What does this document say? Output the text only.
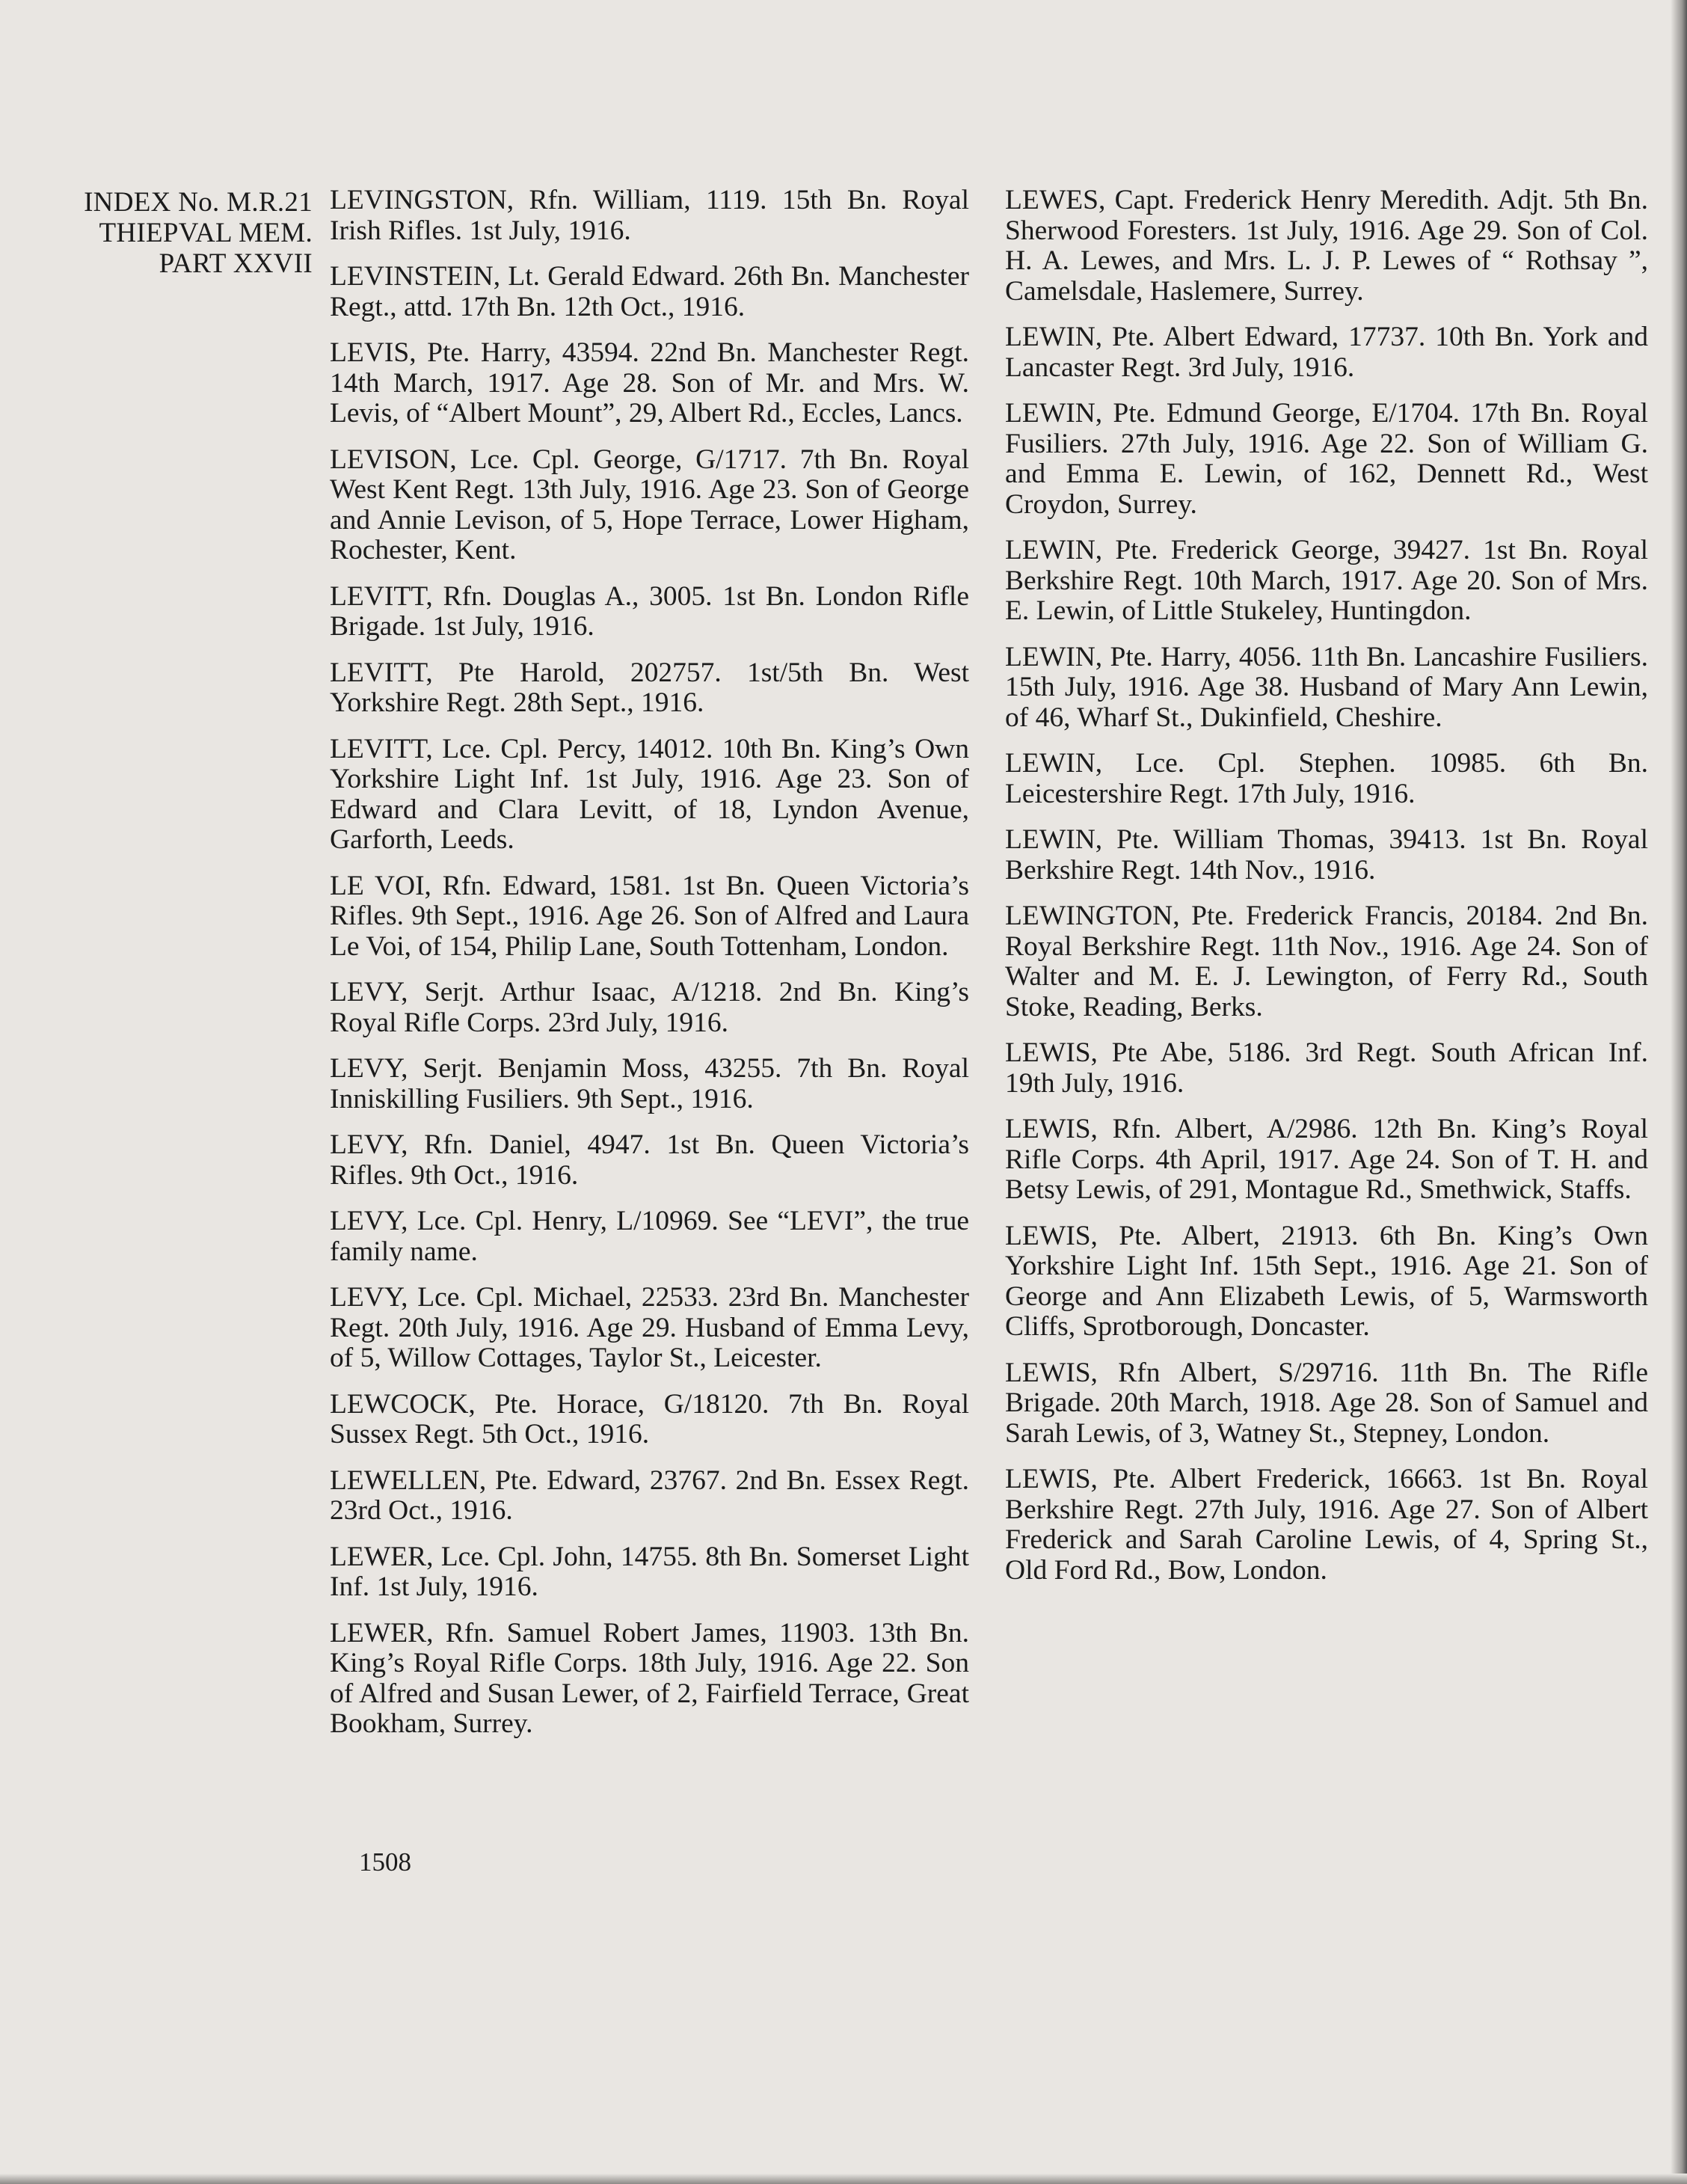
INDEX No. M.R.21
THIEPVAL MEM.
PART XXVII
LEVINGSTON, Rfn. William, 1119. 15th Bn. Royal Irish Rifles. 1st July, 1916.
LEVINSTEIN, Lt. Gerald Edward. 26th Bn. Manchester Regt., attd. 17th Bn. 12th Oct., 1916.
LEVIS, Pte. Harry, 43594. 22nd Bn. Manchester Regt. 14th March, 1917. Age 28. Son of Mr. and Mrs. W. Levis, of “Albert Mount”, 29, Albert Rd., Eccles, Lancs.
LEVISON, Lce. Cpl. George, G/1717. 7th Bn. Royal West Kent Regt. 13th July, 1916. Age 23. Son of George and Annie Levison, of 5, Hope Terrace, Lower Higham, Rochester, Kent.
LEVITT, Rfn. Douglas A., 3005. 1st Bn. London Rifle Brigade. 1st July, 1916.
LEVITT, Pte Harold, 202757. 1st/5th Bn. West Yorkshire Regt. 28th Sept., 1916.
LEVITT, Lce. Cpl. Percy, 14012. 10th Bn. King’s Own Yorkshire Light Inf. 1st July, 1916. Age 23. Son of Edward and Clara Levitt, of 18, Lyndon Avenue, Garforth, Leeds.
LE VOI, Rfn. Edward, 1581. 1st Bn. Queen Victoria’s Rifles. 9th Sept., 1916. Age 26. Son of Alfred and Laura Le Voi, of 154, Philip Lane, South Tottenham, London.
LEVY, Serjt. Arthur Isaac, A/1218. 2nd Bn. King’s Royal Rifle Corps. 23rd July, 1916.
LEVY, Serjt. Benjamin Moss, 43255. 7th Bn. Royal Inniskilling Fusiliers. 9th Sept., 1916.
LEVY, Rfn. Daniel, 4947. 1st Bn. Queen Victoria’s Rifles. 9th Oct., 1916.
LEVY, Lce. Cpl. Henry, L/10969. See “LEVI”, the true family name.
LEVY, Lce. Cpl. Michael, 22533. 23rd Bn. Manchester Regt. 20th July, 1916. Age 29. Husband of Emma Levy, of 5, Willow Cottages, Taylor St., Leicester.
LEWCOCK, Pte. Horace, G/18120. 7th Bn. Royal Sussex Regt. 5th Oct., 1916.
LEWELLEN, Pte. Edward, 23767. 2nd Bn. Essex Regt. 23rd Oct., 1916.
LEWER, Lce. Cpl. John, 14755. 8th Bn. Somerset Light Inf. 1st July, 1916.
LEWER, Rfn. Samuel Robert James, 11903. 13th Bn. King’s Royal Rifle Corps. 18th July, 1916. Age 22. Son of Alfred and Susan Lewer, of 2, Fairfield Terrace, Great Bookham, Surrey.
LEWES, Capt. Frederick Henry Meredith. Adjt. 5th Bn. Sherwood Foresters. 1st July, 1916. Age 29. Son of Col. H. A. Lewes, and Mrs. L. J. P. Lewes of “ Rothsay ”, Camelsdale, Haslemere, Surrey.
LEWIN, Pte. Albert Edward, 17737. 10th Bn. York and Lancaster Regt. 3rd July, 1916.
LEWIN, Pte. Edmund George, E/1704. 17th Bn. Royal Fusiliers. 27th July, 1916. Age 22. Son of William G. and Emma E. Lewin, of 162, Dennett Rd., West Croydon, Surrey.
LEWIN, Pte. Frederick George, 39427. 1st Bn. Royal Berkshire Regt. 10th March, 1917. Age 20. Son of Mrs. E. Lewin, of Little Stukeley, Huntingdon.
LEWIN, Pte. Harry, 4056. 11th Bn. Lancashire Fusiliers. 15th July, 1916. Age 38. Husband of Mary Ann Lewin, of 46, Wharf St., Dukinfield, Cheshire.
LEWIN, Lce. Cpl. Stephen. 10985. 6th Bn. Leicestershire Regt. 17th July, 1916.
LEWIN, Pte. William Thomas, 39413. 1st Bn. Royal Berkshire Regt. 14th Nov., 1916.
LEWINGTON, Pte. Frederick Francis, 20184. 2nd Bn. Royal Berkshire Regt. 11th Nov., 1916. Age 24. Son of Walter and M. E. J. Lewington, of Ferry Rd., South Stoke, Reading, Berks.
LEWIS, Pte Abe, 5186. 3rd Regt. South African Inf. 19th July, 1916.
LEWIS, Rfn. Albert, A/2986. 12th Bn. King’s Royal Rifle Corps. 4th April, 1917. Age 24. Son of T. H. and Betsy Lewis, of 291, Montague Rd., Smethwick, Staffs.
LEWIS, Pte. Albert, 21913. 6th Bn. King’s Own Yorkshire Light Inf. 15th Sept., 1916. Age 21. Son of George and Ann Elizabeth Lewis, of 5, Warmsworth Cliffs, Sprotborough, Doncaster.
LEWIS, Rfn Albert, S/29716. 11th Bn. The Rifle Brigade. 20th March, 1918. Age 28. Son of Samuel and Sarah Lewis, of 3, Watney St., Stepney, London.
LEWIS, Pte. Albert Frederick, 16663. 1st Bn. Royal Berkshire Regt. 27th July, 1916. Age 27. Son of Albert Frederick and Sarah Caroline Lewis, of 4, Spring St., Old Ford Rd., Bow, London.
1508
